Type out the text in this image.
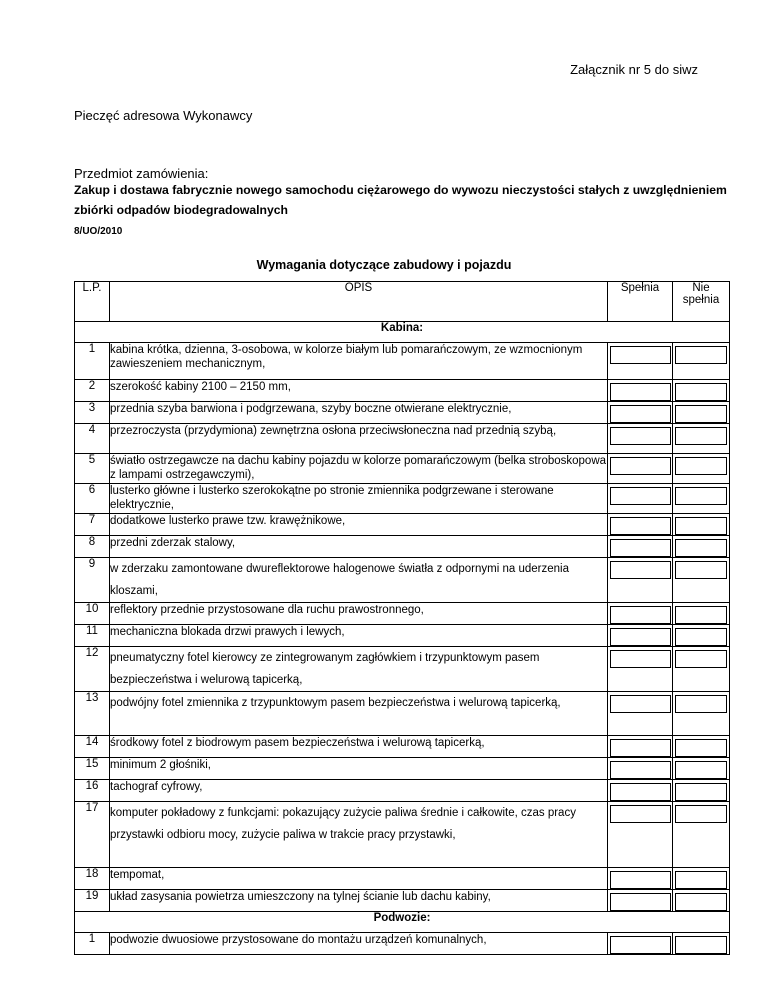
Załącznik nr 5 do siwz
Pieczęć adresowa Wykonawcy
Przedmiot zamówienia:
Zakup i dostawa fabrycznie nowego samochodu ciężarowego do wywozu nieczystości stałych z uwzględnieniem zbiórki odpadów biodegradowalnych
8/UO/2010
Wymagania dotyczące zabudowy i pojazdu
L.P.	OPIS	Spełnia	Nie spełnia
Kabina:			
1	kabina krótka, dzienna, 3-osobowa, w kolorze białym lub pomarańczowym, ze wzmocnionym zawieszeniem mechanicznym,	

2	szerokość kabiny 2100 – 2150 mm,	

3	przednia szyba barwiona i podgrzewana, szyby boczne otwierane elektrycznie,	

4	przezroczysta (przydymiona) zewnętrzna osłona przeciwsłoneczna nad przednią szybą,	

5	światło ostrzegawcze na dachu kabiny pojazdu w kolorze pomarańczowym (belka stroboskopowa z lampami ostrzegawczymi),	

6	lusterko główne i lusterko szerokokątne po stronie zmiennika podgrzewane i sterowane elektrycznie,	

7	dodatkowe lusterko prawe tzw. krawężnikowe,	

8	przedni zderzak stalowy,	

9	w zderzaku zamontowane dwureflektorowe halogenowe światła z odpornymi na uderzenia kloszami,	

10	reflektory przednie przystosowane dla ruchu prawostronnego,	

11	mechaniczna blokada drzwi prawych i lewych,	

12	pneumatyczny fotel kierowcy ze zintegrowanym zagłówkiem i trzypunktowym pasem bezpieczeństwa i welurową tapicerką,	

13	podwójny fotel zmiennika z trzypunktowym pasem bezpieczeństwa i welurową tapicerką,	

14	środkowy fotel z biodrowym pasem bezpieczeństwa i welurową tapicerką,	

15	minimum 2 głośniki,	

16	tachograf cyfrowy,	

17	komputer pokładowy z funkcjami: pokazujący zużycie paliwa średnie i całkowite, czas pracy przystawki odbioru mocy, zużycie paliwa w trakcie pracy przystawki,	

18	tempomat,	

19	układ zasysania powietrza umieszczony na tylnej ścianie lub dachu kabiny,	

Podwozie:			
1	podwozie dwuosiowe przystosowane do montażu urządzeń komunalnych,	
